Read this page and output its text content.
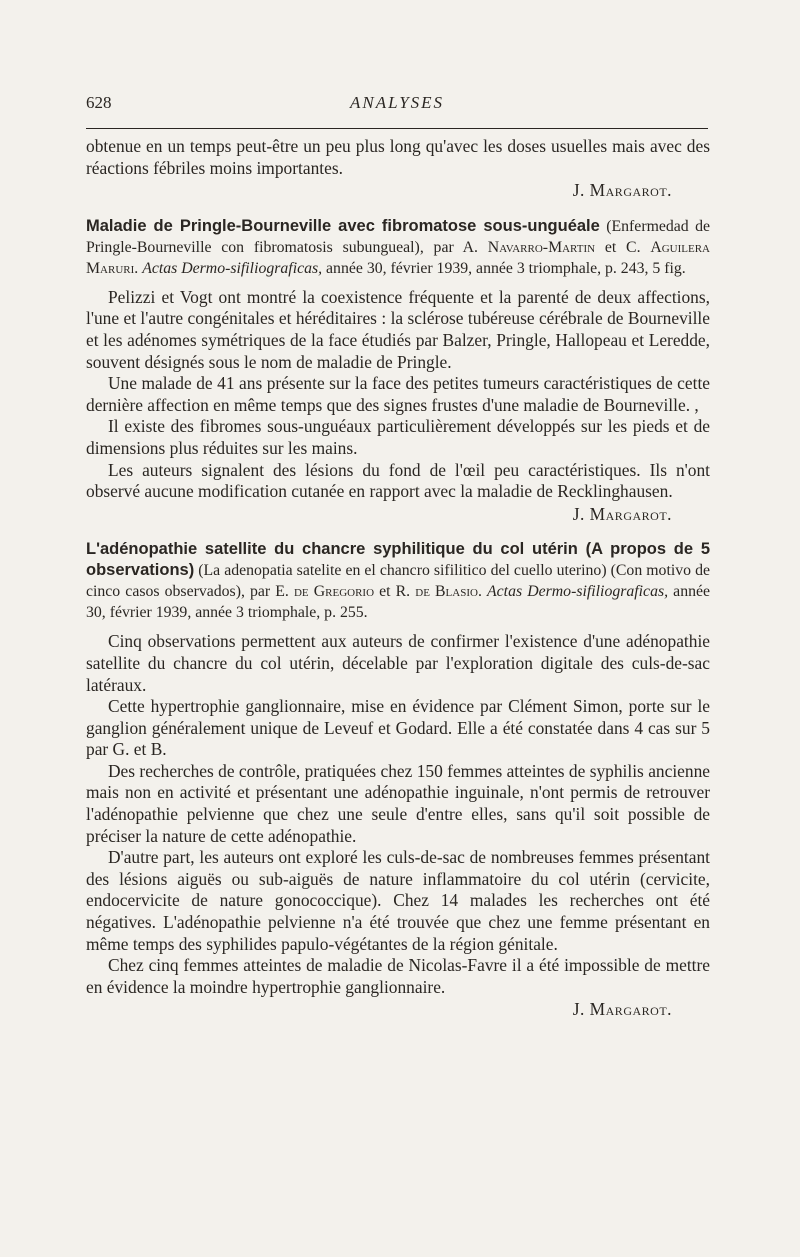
628	ANALYSES

obtenue en un temps peut-être un peu plus long qu'avec les doses usuelles mais avec des réactions fébriles moins importantes.

J. Margarot.

Maladie de Pringle-Bourneville avec fibromatose sous-unguéale (Enfermedad de Pringle-Bourneville con fibromatosis subungueal), par A. Navarro-Martin et C. Aguilera Maruri. Actas Dermo-sifiliograficas, année 30, février 1939, année 3 triomphale, p. 243, 5 fig.

Pelizzi et Vogt ont montré la coexistence fréquente et la parenté de deux affections, l'une et l'autre congénitales et héréditaires : la sclérose tubéreuse cérébrale de Bourneville et les adénomes symétriques de la face étudiés par Balzer, Pringle, Hallopeau et Leredde, souvent désignés sous le nom de maladie de Pringle.

Une malade de 41 ans présente sur la face des petites tumeurs caractéristiques de cette dernière affection en même temps que des signes frustes d'une maladie de Bourneville. ,

Il existe des fibromes sous-unguéaux particulièrement développés sur les pieds et de dimensions plus réduites sur les mains.

Les auteurs signalent des lésions du fond de l'œil peu caractéristiques. Ils n'ont observé aucune modification cutanée en rapport avec la maladie de Recklinghausen.

J. Margarot.

L'adénopathie satellite du chancre syphilitique du col utérin (A propos de 5 observations) (La adenopatia satelite en el chancro sifilitico del cuello uterino) (Con motivo de cinco casos observados), par E. de Gregorio et R. de Blasio. Actas Dermo-sifiliograficas, année 30, février 1939, année 3 triomphale, p. 255.

Cinq observations permettent aux auteurs de confirmer l'existence d'une adénopathie satellite du chancre du col utérin, décelable par l'exploration digitale des culs-de-sac latéraux.

Cette hypertrophie ganglionnaire, mise en évidence par Clément Simon, porte sur le ganglion généralement unique de Leveuf et Godard. Elle a été constatée dans 4 cas sur 5 par G. et B.

Des recherches de contrôle, pratiquées chez 150 femmes atteintes de syphilis ancienne mais non en activité et présentant une adénopathie inguinale, n'ont permis de retrouver l'adénopathie pelvienne que chez une seule d'entre elles, sans qu'il soit possible de préciser la nature de cette adénopathie.

D'autre part, les auteurs ont exploré les culs-de-sac de nombreuses femmes présentant des lésions aiguës ou sub-aiguës de nature inflammatoire du col utérin (cervicite, endocervicite de nature gonococcique). Chez 14 malades les recherches ont été négatives. L'adénopathie pelvienne n'a été trouvée que chez une femme présentant en même temps des syphilides papulo-végétantes de la région génitale.

Chez cinq femmes atteintes de maladie de Nicolas-Favre il a été impossible de mettre en évidence la moindre hypertrophie ganglionnaire.

J. Margarot.
